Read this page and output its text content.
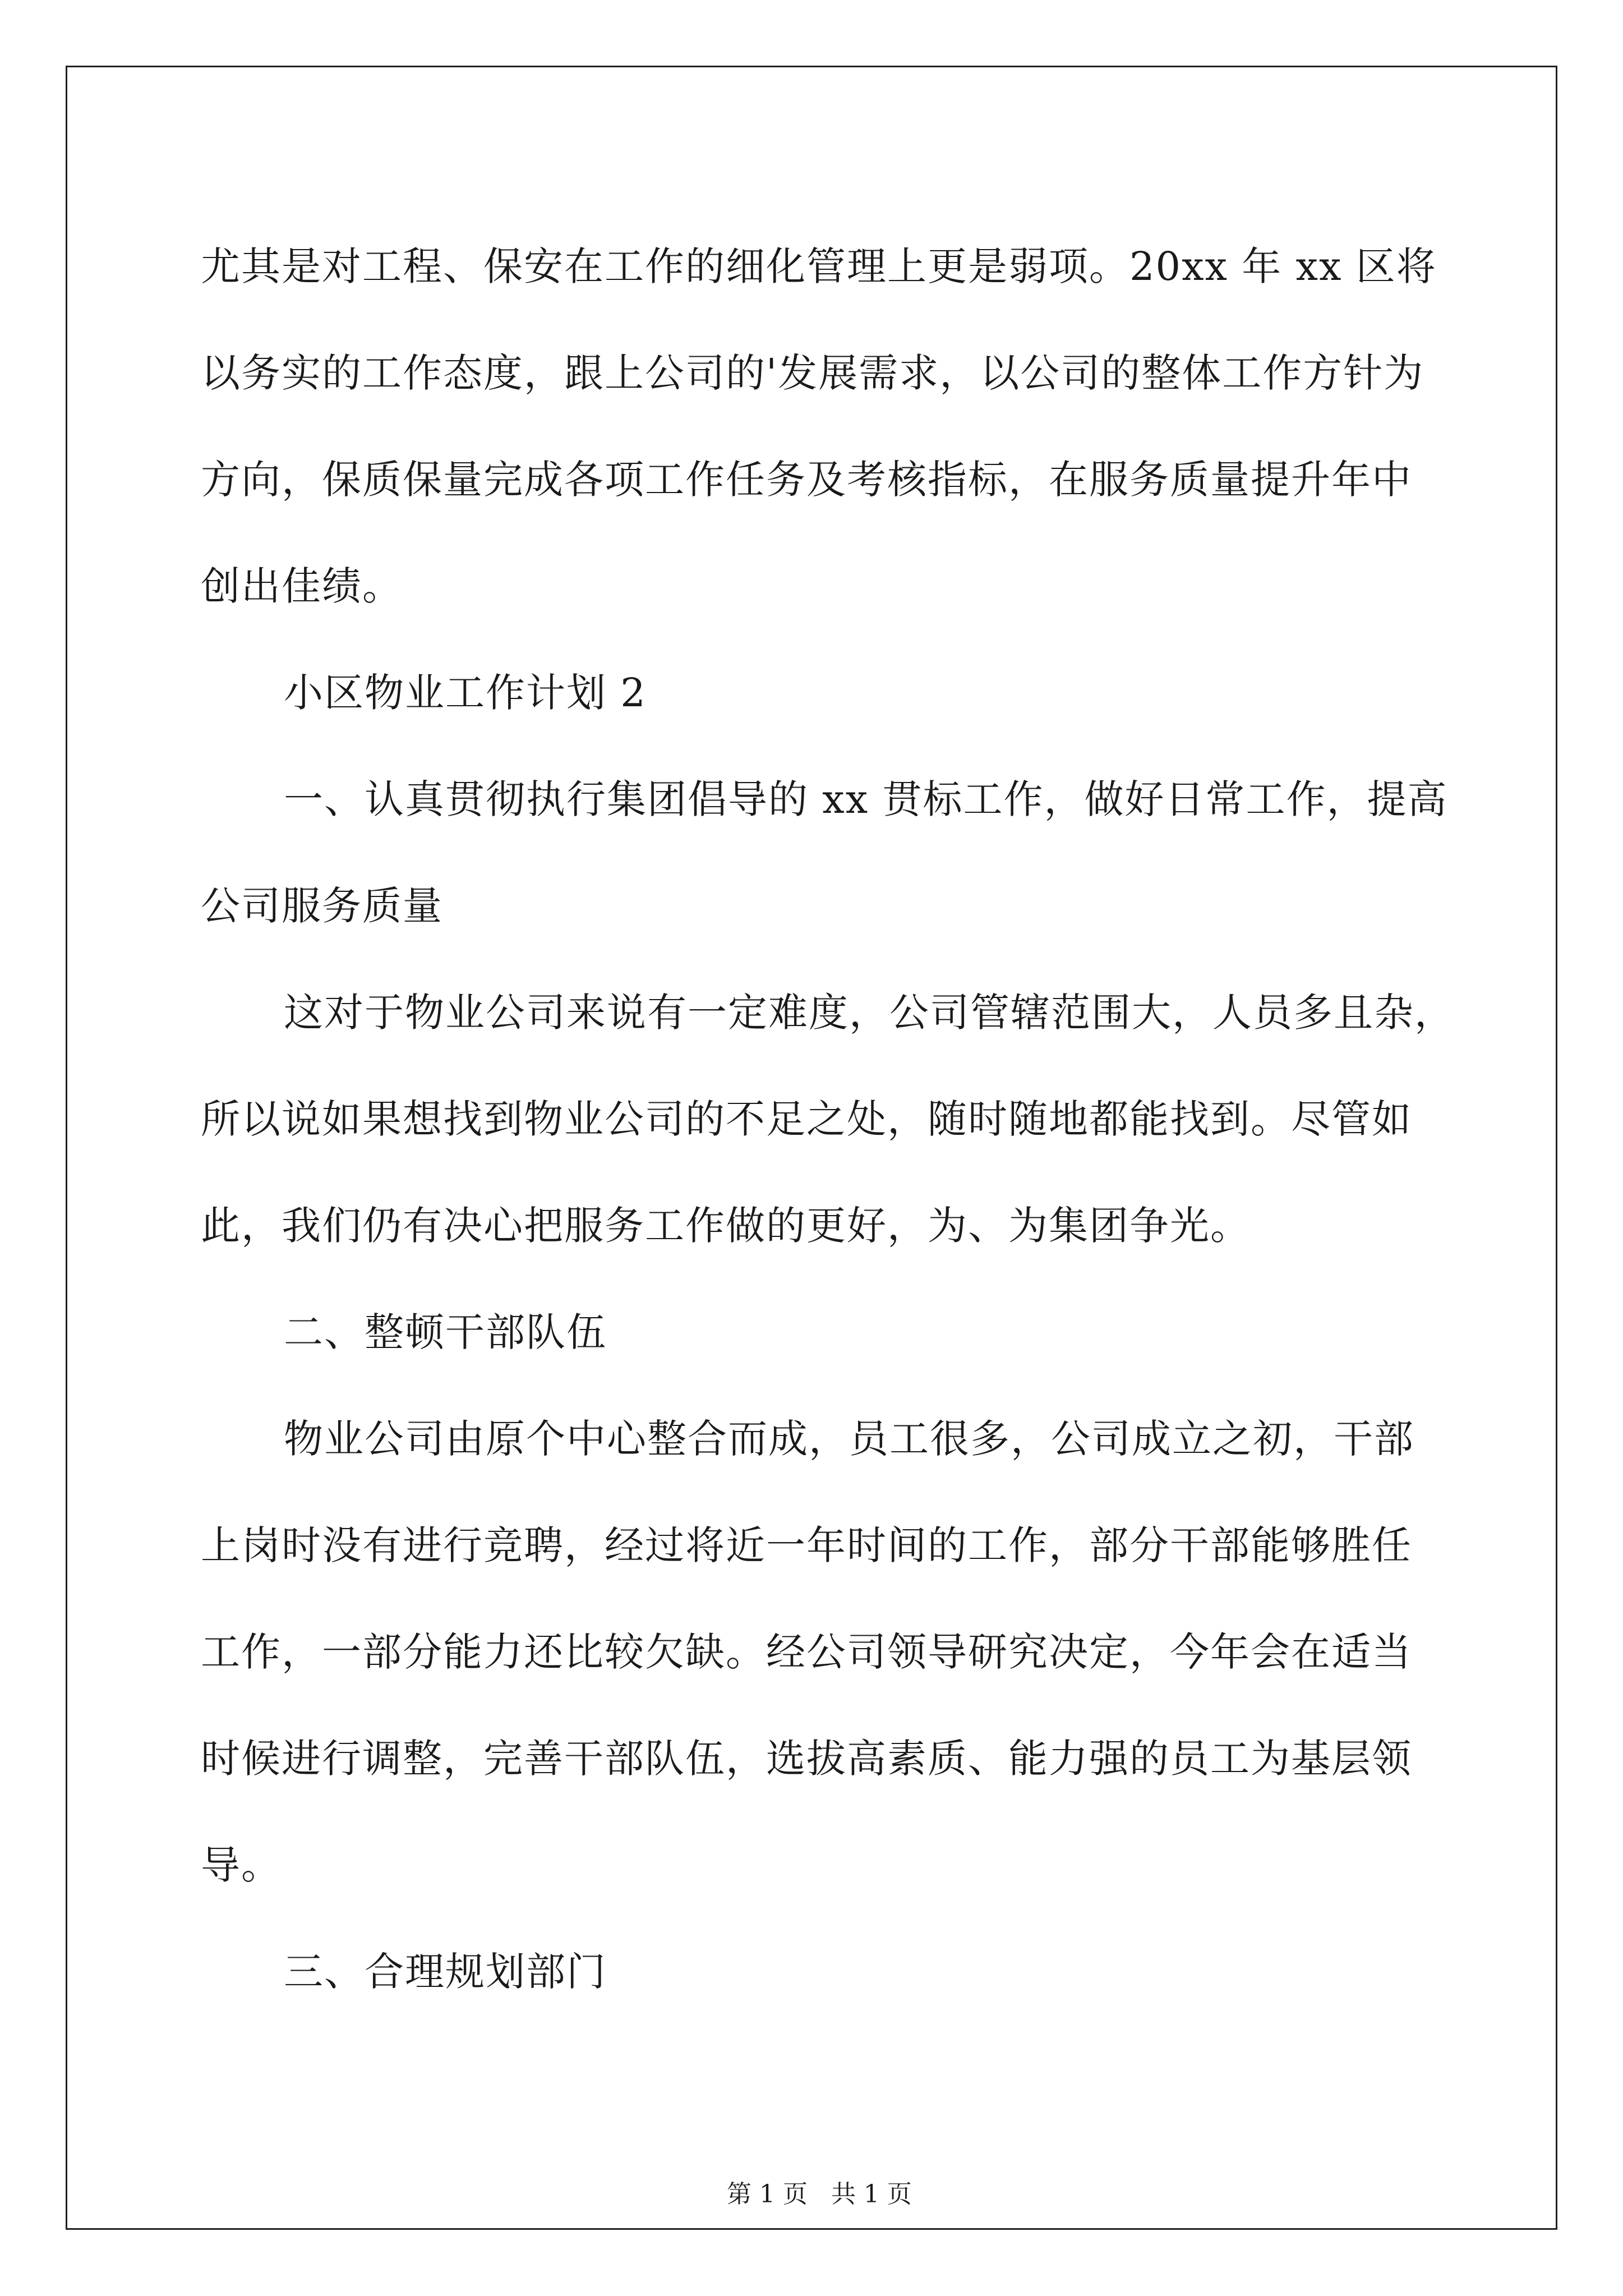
尤其是对工程、保安在工作的细化管理上更是弱项。20xx 年 xx 区将
以务实的工作态度，跟上公司的'发展需求，以公司的整体工作方针为
方向，保质保量完成各项工作任务及考核指标，在服务质量提升年中
创出佳绩。

小区物业工作计划 2

一、认真贯彻执行集团倡导的 xx 贯标工作，做好日常工作，提高
公司服务质量

这对于物业公司来说有一定难度，公司管辖范围大，人员多且杂，
所以说如果想找到物业公司的不足之处，随时随地都能找到。尽管如
此，我们仍有决心把服务工作做的更好，为、为集团争光。

二、整顿干部队伍

物业公司由原个中心整合而成，员工很多，公司成立之初，干部
上岗时没有进行竞聘，经过将近一年时间的工作，部分干部能够胜任
工作，一部分能力还比较欠缺。经公司领导研究决定，今年会在适当
时候进行调整，完善干部队伍，选拔高素质、能力强的员工为基层领
导。

三、合理规划部门

第 1 页   共 1 页
